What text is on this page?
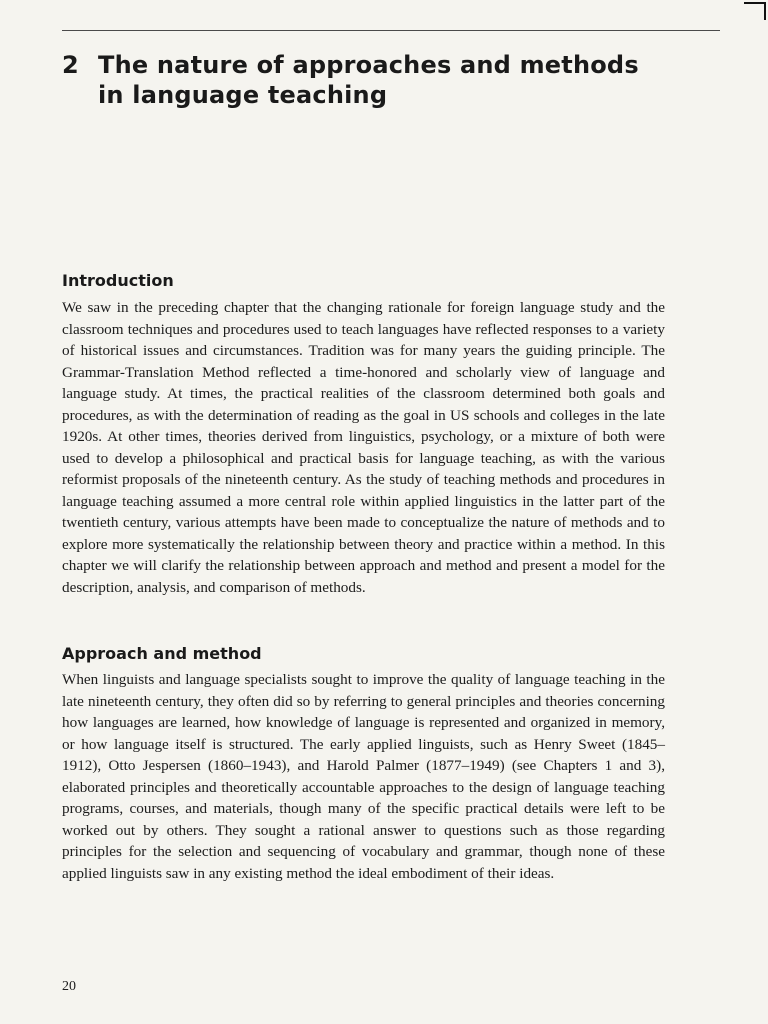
2 The nature of approaches and methods
in language teaching
Introduction

We saw in the preceding chapter that the changing rationale for foreign language study and the classroom techniques and procedures used to teach languages have reflected responses to a variety of historical issues and circumstances. Tradition was for many years the guiding principle. The Grammar-Translation Method reflected a time-honored and scholarly view of language and language study. At times, the practical realities of the classroom determined both goals and procedures, as with the determination of reading as the goal in US schools and colleges in the late 1920s. At other times, theories derived from linguistics, psychology, or a mixture of both were used to develop a philosophical and practical basis for language teaching, as with the various reformist proposals of the nineteenth century. As the study of teaching methods and procedures in language teaching assumed a more central role within applied linguistics in the latter part of the twentieth century, various attempts have been made to conceptualize the nature of methods and to explore more systematically the relationship between theory and practice within a method. In this chapter we will clarify the relationship between approach and method and present a model for the description, analysis, and comparison of methods.

Approach and method

When linguists and language specialists sought to improve the quality of language teaching in the late nineteenth century, they often did so by referring to general principles and theories concerning how languages are learned, how knowledge of language is represented and organized in memory, or how language itself is structured. The early applied linguists, such as Henry Sweet (1845–1912), Otto Jespersen (1860–1943), and Harold Palmer (1877–1949) (see Chapters 1 and 3), elaborated principles and theoretically accountable approaches to the design of language teaching programs, courses, and materials, though many of the specific practical details were left to be worked out by others. They sought a rational answer to questions such as those regarding principles for the selection and sequencing of vocabulary and grammar, though none of these applied linguists saw in any existing method the ideal embodiment of their ideas.

20
